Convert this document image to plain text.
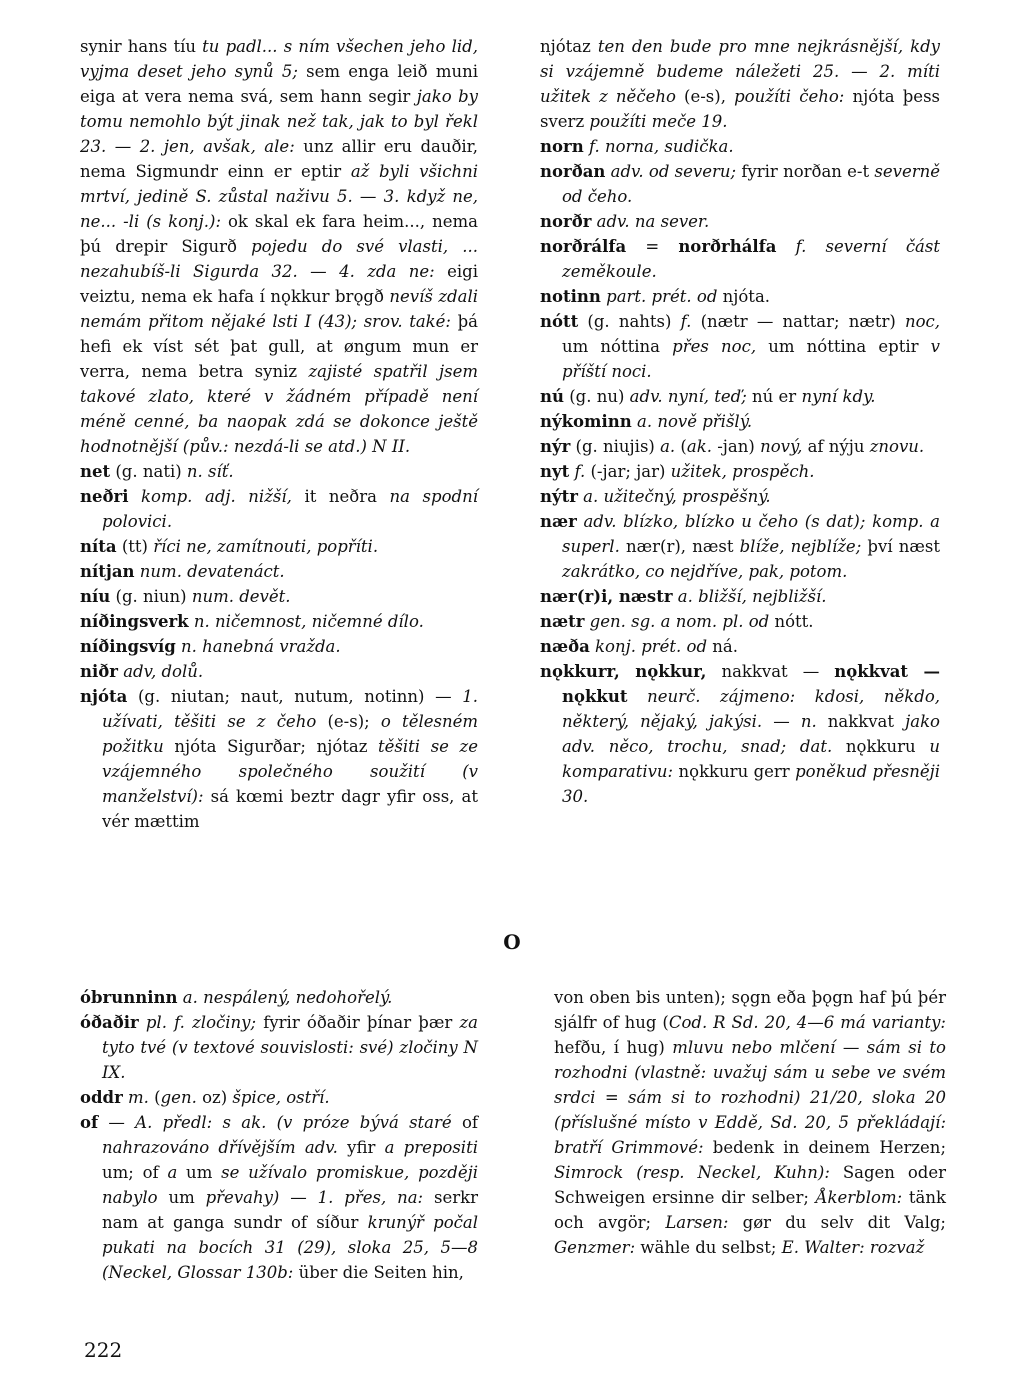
synir hans tíu tu padl... s ním všechen jeho lid, vyjma deset jeho synů 5; sem enga leið muni eiga at vera nema svá, sem hann segir jako by tomu nemohlo být jinak než tak, jak to byl řekl 23. — 2. jen, avšak, ale: unz allir eru dauðir, nema Sigmundr einn er eptir až byli všichni mrtví, jedině S. zůstal naživu 5. — 3. když ne, ne... -li (s konj.): ok skal ek fara heim..., nema þú drepir Sigurð pojedu do své vlasti, ... nezahubíš-li Sigurda 32. — 4. zda ne: eigi veiztu, nema ek hafa í nǫkkur brǫgð nevíš zdali nemám přitom nějaké lsti I (43); srov. také: þá hefi ek víst sét þat gull, at øngum mun er verra, nema betra syniz zajisté spatřil jsem takové zlato, které v žádném případě není méně cenné, ba naopak zdá se dokonce ještě hodnotnější (pův.: nezdá-li se atd.) N II.

net (g. nati) n. síť.

neðri komp. adj. nižší, it neðra na spodní polovici.

níta (tt) říci ne, zamítnouti, popříti.

nítjan num. devatenáct.

níu (g. niun) num. devět.

níðingsverk n. ničemnost, ničemné dílo.

níðingsvíg n. hanebná vražda.

niðr adv, dolů.

njóta (g. niutan; naut, nutum, notinn) — 1. užívati, těšiti se z čeho (e-s); o tělesném požitku njóta Sigurðar; njótaz těšiti se ze vzájemného společného soužití (v manželství): sá kœmi beztr dagr yfir oss, at vér mættim

njótaz ten den bude pro mne nejkrásnější, kdy si vzájemně budeme náležeti 25. — 2. míti užitek z něčeho (e-s), použíti čeho: njóta þess sverz použíti meče 19.

norn f. norna, sudička.

norðan adv. od severu; fyrir norðan e-t severně od čeho.

norðr adv. na sever.

norðrálfa = norðrhálfa f. severní část zeměkoule.

notinn part. prét. od njóta.

nótt (g. nahts) f. (nætr — nattar; nætr) noc, um nóttina přes noc, um nóttina eptir v příští noci.

nú (g. nu) adv. nyní, teď; nú er nyní kdy.

nýkominn a. nově přišlý.

nýr (g. niujis) a. (ak. -jan) nový, af nýju znovu.

nyt f. (-jar; jar) užitek, prospěch.

nýtr a. užitečný, prospěšný.

nær adv. blízko, blízko u čeho (s dat); komp. a superl. nær(r), næst blíže, nejblíže; því næst zakrátko, co nejdříve, pak, potom.

nær(r)i, næstr a. bližší, nejbližší.

nætr gen. sg. a nom. pl. od nótt.

næða konj. prét. od ná.

nǫkkurr, nǫkkur, nakkvat — nǫkkvat — nǫkkut neurč. zájmeno: kdosi, někdo, některý, nějaký, jakýsi. — n. nakkvat jako adv. něco, trochu, snad; dat. nǫkkuru u komparativu: nǫkkuru gerr poněkud přesněji 30.

O

óbrunninn a. nespálený, nedohořelý.

óðaðir pl. f. zločiny; fyrir óðaðir þínar þær za tyto tvé (v textové souvislosti: své) zločiny N IX.

oddr m. (gen. oz) špice, ostří.

of — A. předl: s ak. (v próze bývá staré of nahrazováno dřívějším adv. yfir a prepositi um; of a um se užívalo promiskue, později nabylo um převahy) — 1. přes, na: serkr nam at ganga sundr of síður krunýř počal pukati na bocích 31 (29), sloka 25, 5—8 (Neckel, Glossar 130b: über die Seiten hin,

von oben bis unten); sǫgn eða þǫgn haf þú þér sjálfr of hug (Cod. R Sd. 20, 4—6 má varianty: hefðu, í hug) mluvu nebo mlčení — sám si to rozhodni (vlastně: uvažuj sám u sebe ve svém srdci = sám si to rozhodni) 21/20, sloka 20 (příslušné místo v Eddě, Sd. 20, 5 překládají: bratří Grimmové: bedenk in deinem Herzen; Simrock (resp. Neckel, Kuhn): Sagen oder Schweigen ersinne dir selber; Åkerblom: tänk och avgör; Larsen: gør du selv dit Valg; Genzmer: wähle du selbst; E. Walter: rozvaž

222
